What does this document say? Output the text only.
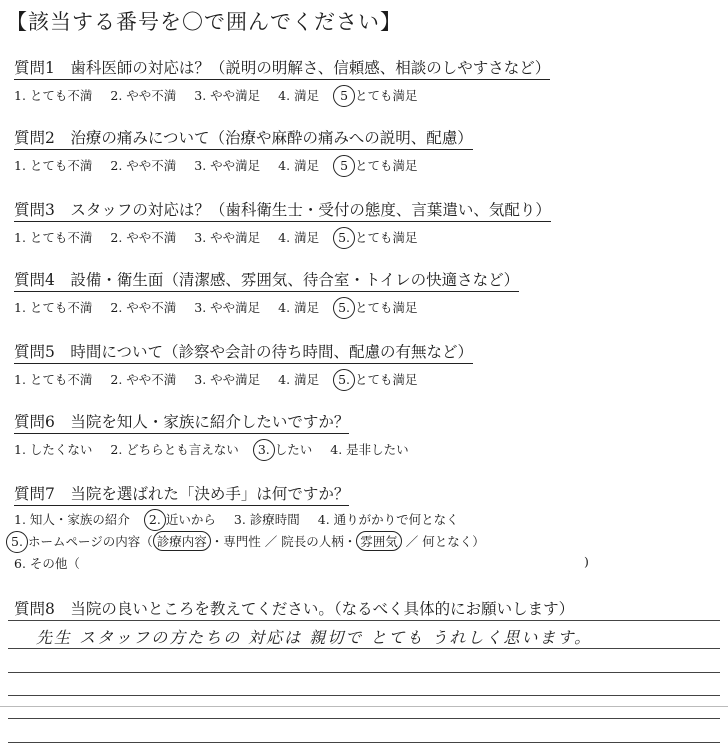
【該当する番号を〇で囲んでください】
質問1　歯科医師の対応は？（説明の明解さ、信頼感、相談のしやすさなど）
1. とても不満 2. やや不満 3. やや満足 4. 満足 5 とても満足
質問2　治療の痛みについて（治療や麻酔の痛みへの説明、配慮）
1. とても不満 2. やや不満 3. やや満足 4. 満足 5 とても満足
質問3　スタッフの対応は？（歯科衛生士・受付の態度、言葉遣い、気配り）
1. とても不満 2. やや不満 3. やや満足 4. 満足 5. とても満足
質問4　設備・衛生面（清潔感、雰囲気、待合室・トイレの快適さなど）
1. とても不満 2. やや不満 3. やや満足 4. 満足 5. とても満足
質問5　時間について（診察や会計の待ち時間、配慮の有無など）
1. とても不満 2. やや不満 3. やや満足 4. 満足 5. とても満足
質問6　当院を知人・家族に紹介したいですか？
1. したくない 2. どちらとも言えない 3. したい 4. 是非したい
質問7　当院を選ばれた「決め手」は何ですか？
1. 知人・家族の紹介 2. 近いから 3. 診療時間 4. 通りがかりで何となく
5. ホームページの内容（ 診療内容 ・専門性 ／ 院長の人柄・ 雰囲気 ／ 何となく）
6. その他（	)
質問8　当院の良いところを教えてください。（なるべく具体的にお願いします）
先生 スタッフの方たちの 対応は 親切で とても うれしく思います。
